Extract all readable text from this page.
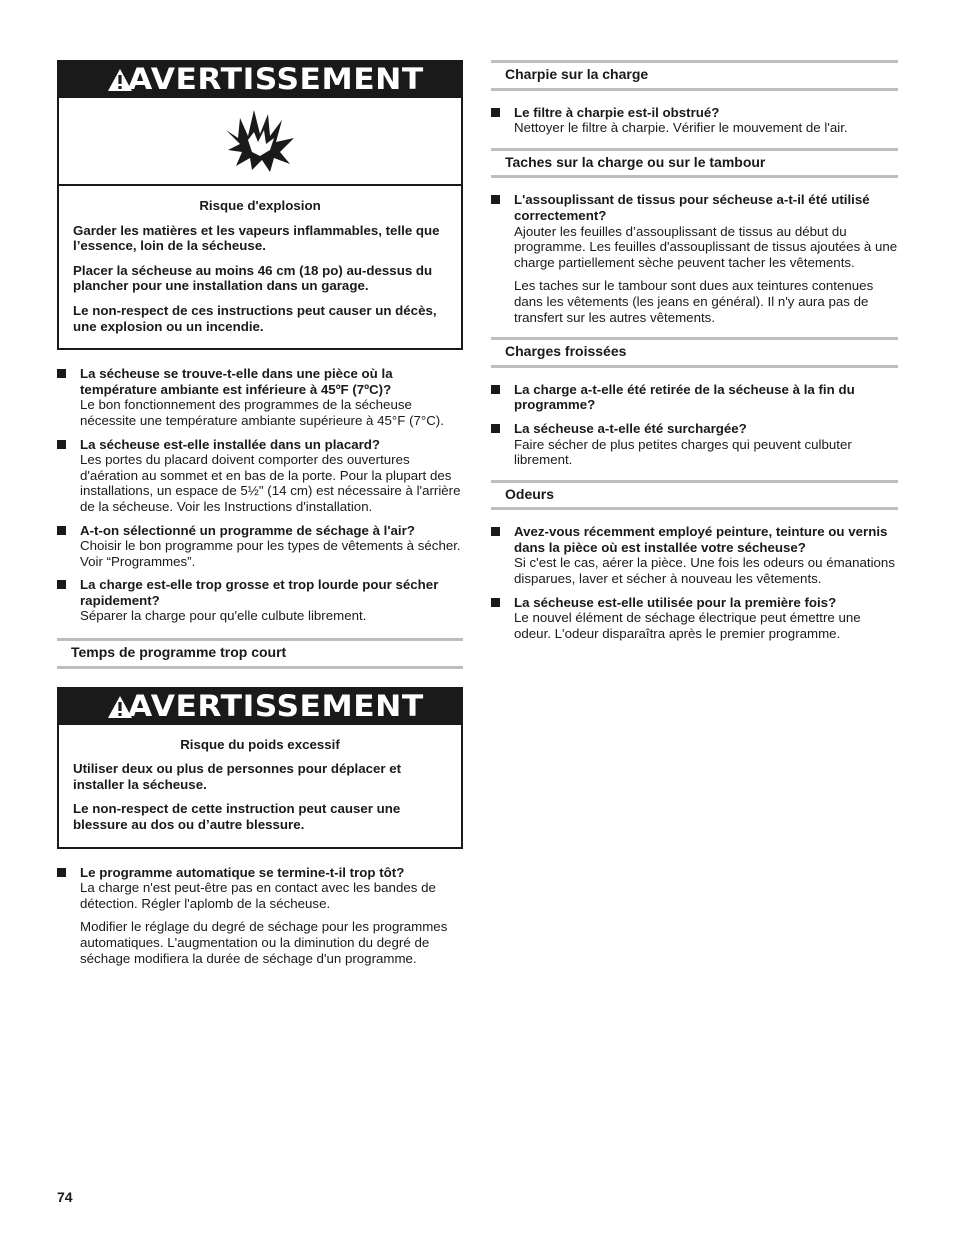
AVERTISSEMENT

Risque d'explosion

Garder les matières et les vapeurs inflammables, telle que l’essence, loin de la sécheuse.

Placer la sécheuse au moins 46 cm (18 po) au-dessus du plancher pour une installation dans un garage.

Le non-respect de ces instructions peut causer un décès, une explosion ou un incendie.

La sécheuse se trouve-t-elle dans une pièce où la température ambiante est inférieure à 45ºF (7ºC)?
Le bon fonctionnement des programmes de la sécheuse nécessite une température ambiante supérieure à 45°F (7°C).
La sécheuse est-elle installée dans un placard?
Les portes du placard doivent comporter des ouvertures d'aération au sommet et en bas de la porte. Pour la plupart des installations, un espace de 5½" (14 cm) est nécessaire à l'arrière de la sécheuse. Voir les Instructions d'installation.
A-t-on sélectionné un programme de séchage à l'air?
Choisir le bon programme pour les types de vêtements à sécher. Voir “Programmes”.
La charge est-elle trop grosse et trop lourde pour sécher rapidement?
Séparer la charge pour qu'elle culbute librement.
Temps de programme trop court
AVERTISSEMENT

Risque du poids excessif

Utiliser deux ou plus de personnes pour déplacer et installer la sécheuse.

Le non-respect de cette instruction peut causer une blessure au dos ou d’autre blessure.

Le programme automatique se termine-t-il trop tôt?
La charge n'est peut-être pas en contact avec les bandes de détection. Régler l'aplomb de la sécheuse.
Modifier le réglage du degré de séchage pour les programmes automatiques. L'augmentation ou la diminution du degré de séchage modifiera la durée de séchage d'un programme.
Charpie sur la charge
Le filtre à charpie est-il obstrué?
Nettoyer le filtre à charpie. Vérifier le mouvement de l'air.
Taches sur la charge ou sur le tambour
L'assouplissant de tissus pour sécheuse a-t-il été utilisé correctement?
Ajouter les feuilles d’assouplissant de tissus au début du programme. Les feuilles d'assouplissant de tissus ajoutées à une charge partiellement sèche peuvent tacher les vêtements.
Les taches sur le tambour sont dues aux teintures contenues dans les vêtements (les jeans en général). Il n'y aura pas de transfert sur les autres vêtements.
Charges froissées
La charge a-t-elle été retirée de la sécheuse à la fin du programme?
La sécheuse a-t-elle été surchargée?
Faire sécher de plus petites charges qui peuvent culbuter librement.
Odeurs
Avez-vous récemment employé peinture, teinture ou vernis dans la pièce où est installée votre sécheuse?
Si c'est le cas, aérer la pièce. Une fois les odeurs ou émanations disparues, laver et sécher à nouveau les vêtements.
La sécheuse est-elle utilisée pour la première fois?
Le nouvel élément de séchage électrique peut émettre une odeur. L'odeur disparaîtra après le premier programme.
74
